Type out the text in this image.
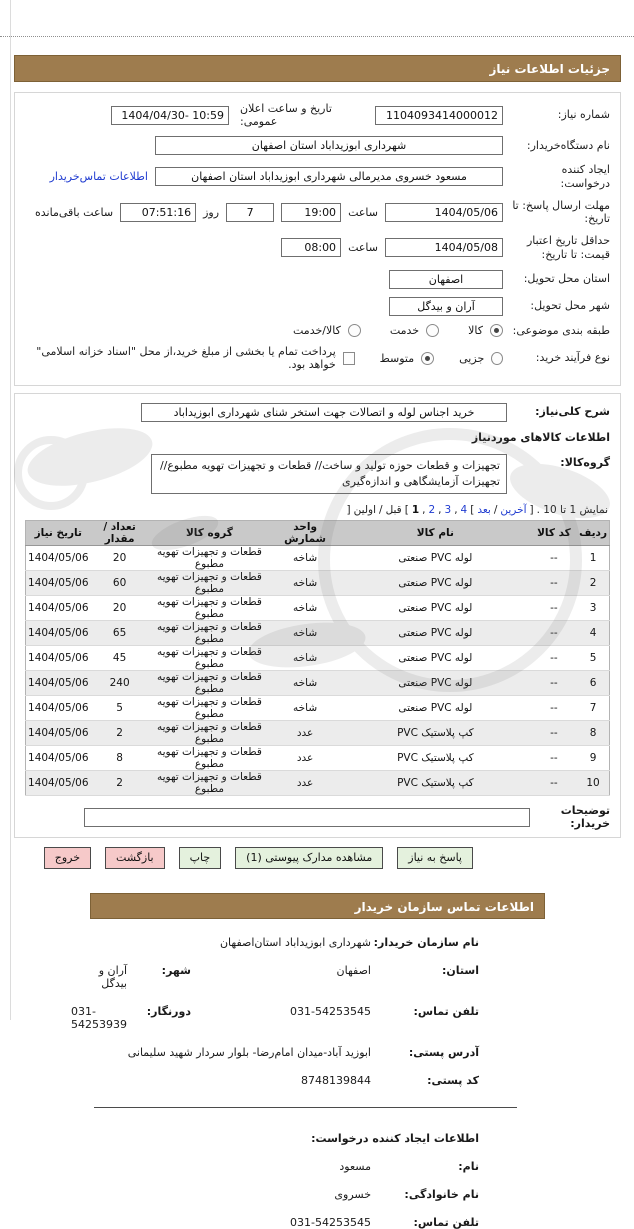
جزئیات اطلاعات نیاز
شماره نیاز:
1104093414000012
تاریخ و ساعت اعلان عمومی:
1404/04/30- 10:59
نام دستگاه‌خریدار:
شهرداری ابوزیداباد استان اصفهان
ایجاد کننده
درخواست:
مسعود خسروی مدیرمالی شهرداری ابوزیداباد استان اصفهان
اطلاعات تماس‌خریدار
مهلت ارسال پاسخ: تا
تاریخ:
1404/05/06
ساعت
19:00
7
روز
07:51:16
ساعت باقی‌مانده
حداقل تاریخ اعتبار
قیمت: تا تاریخ:
1404/05/08
ساعت
08:00
استان محل تحویل:
اصفهان
شهر محل تحویل:
آران و بیدگل
طبقه بندی موضوعی:
کالا
خدمت
کالا/خدمت
نوع فرآیند خرید:
جزیی
متوسط
پرداخت تمام یا بخشی از مبلغ خرید،از محل "اسناد خزانه اسلامی" خواهد بود.
شرح کلی‌نیاز:
خرید اجناس لوله و اتصالات جهت استخر شنای شهرداری ابوزیداباد
اطلاعات کالاهای موردنیاز
گروه‌کالا:
تجهیزات و قطعات حوزه تولید و ساخت// قطعات و تجهیزات تهویه مطبوع// تجهیزات آزمایشگاهی و اندازه‌گیری
نمایش 1 تا 10 .
]
آخرین
/
بعد
[
4
,
3
,
2
,
1
[
قبل
/
اولین
]
ردیف	کد کالا	نام کالا	واحد شمارش	گروه کالا	تعداد / مقدار	تاریخ نیاز
1	--	لوله PVC صنعتی	شاخه	قطعات و تجهیزات تهویه مطبوع	20	1404/05/06
2	--	لوله PVC صنعتی	شاخه	قطعات و تجهیزات تهویه مطبوع	60	1404/05/06
3	--	لوله PVC صنعتی	شاخه	قطعات و تجهیزات تهویه مطبوع	20	1404/05/06
4	--	لوله PVC صنعتی	شاخه	قطعات و تجهیزات تهویه مطبوع	65	1404/05/06
5	--	لوله PVC صنعتی	شاخه	قطعات و تجهیزات تهویه مطبوع	45	1404/05/06
6	--	لوله PVC صنعتی	شاخه	قطعات و تجهیزات تهویه مطبوع	240	1404/05/06
7	--	لوله PVC صنعتی	شاخه	قطعات و تجهیزات تهویه مطبوع	5	1404/05/06
8	--	کپ پلاستیک PVC	عدد	قطعات و تجهیزات تهویه مطبوع	2	1404/05/06
9	--	کپ پلاستیک PVC	عدد	قطعات و تجهیزات تهویه مطبوع	8	1404/05/06
10	--	کپ پلاستیک PVC	عدد	قطعات و تجهیزات تهویه مطبوع	2	1404/05/06
توضیحات
خریدار:
پاسخ به نیاز
مشاهده مدارک پیوستی (1)
چاپ
بازگشت
خروج
اطلاعات تماس سازمان خریدار
نام سازمان خریدار:
شهرداری ابوزیداباد استان‌اصفهان
استان:
اصفهان
شهر:
آران و بیدگل
تلفن تماس:
031-54253545
دورنگار:
031-54253939
آدرس پستی:
ابوزید آباد-میدان امام‌رضا- بلوار سردار شهید سلیمانی
کد پستی:
8748139844
اطلاعات ایجاد کننده درخواست:
نام:
مسعود
نام خانوادگی:
خسروی
تلفن تماس:
031-54253545
